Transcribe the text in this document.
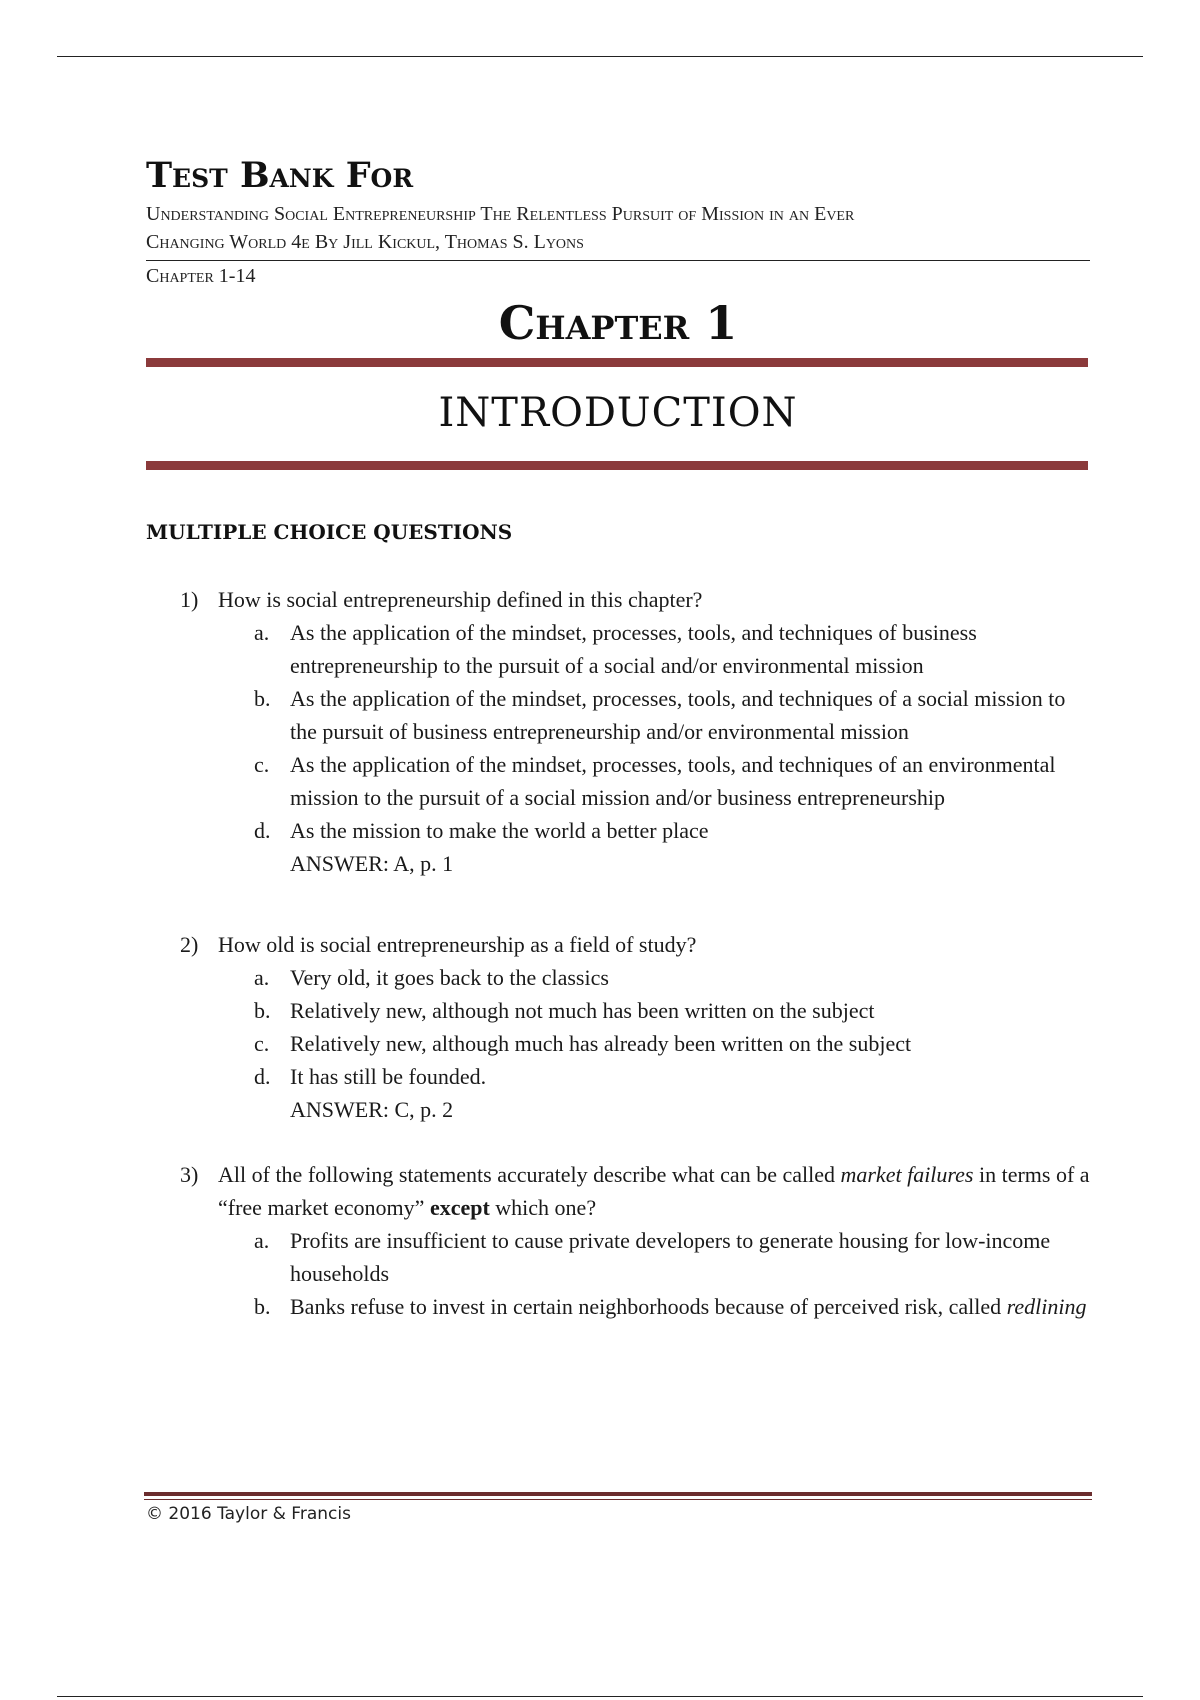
Test Bank For
Understanding Social Entrepreneurship The Relentless Pursuit of Mission in an Ever
Changing World 4e By Jill Kickul, Thomas S. Lyons
Chapter 1-14
Chapter 1
INTRODUCTION
MULTIPLE CHOICE QUESTIONS
1) How is social entrepreneurship defined in this chapter?
a. As the application of the mindset, processes, tools, and techniques of business entrepreneurship to the pursuit of a social and/or environmental mission
b. As the application of the mindset, processes, tools, and techniques of a social mission to the pursuit of business entrepreneurship and/or environmental mission
c. As the application of the mindset, processes, tools, and techniques of an environmental mission to the pursuit of a social mission and/or business entrepreneurship
d. As the mission to make the world a better place
ANSWER: A, p. 1
2) How old is social entrepreneurship as a field of study?
a. Very old, it goes back to the classics
b. Relatively new, although not much has been written on the subject
c. Relatively new, although much has already been written on the subject
d. It has still be founded.
ANSWER: C, p. 2
3) All of the following statements accurately describe what can be called market failures in terms of a “free market economy” except which one?
a. Profits are insufficient to cause private developers to generate housing for low-income households
b. Banks refuse to invest in certain neighborhoods because of perceived risk, called redlining
© 2016 Taylor & Francis
